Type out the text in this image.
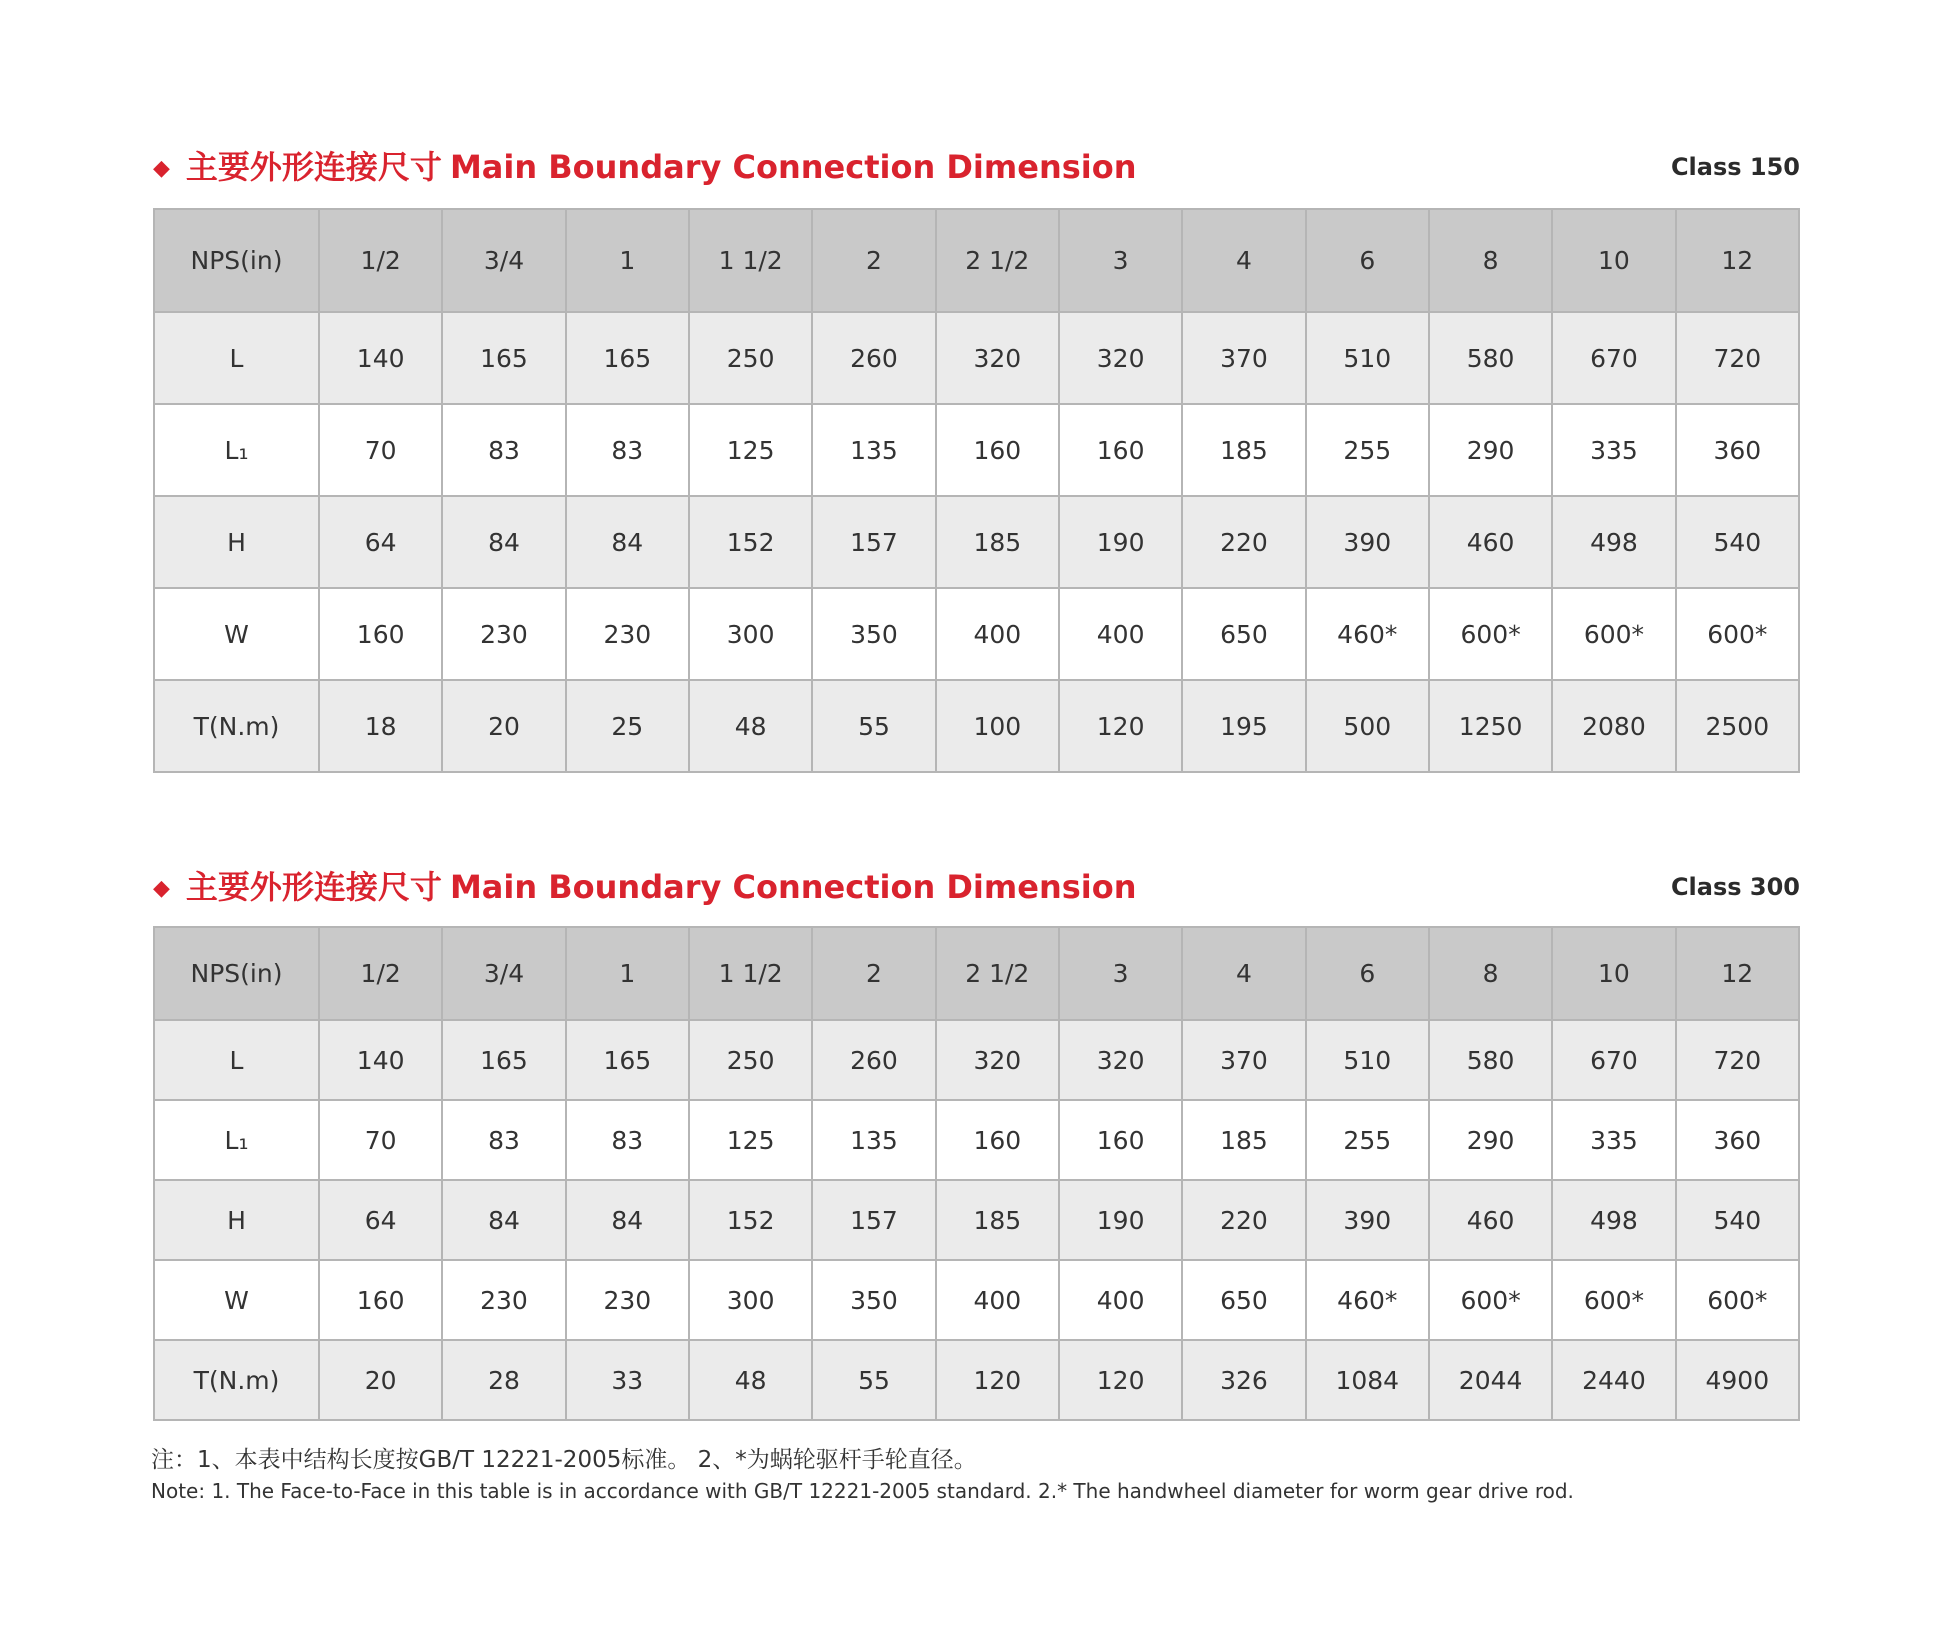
◆ 主要外形连接尺寸 Main Boundary Connection Dimension	Class 150
NPS(in)	1/2	3/4	1	1 1/2	2	2 1/2	3	4	6	8	10	12
L	140	165	165	250	260	320	320	370	510	580	670	720
L₁	70	83	83	125	135	160	160	185	255	290	335	360
H	64	84	84	152	157	185	190	220	390	460	498	540
W	160	230	230	300	350	400	400	650	460*	600*	600*	600*
T(N.m)	18	20	25	48	55	100	120	195	500	1250	2080	2500
◆ 主要外形连接尺寸 Main Boundary Connection Dimension	Class 300
NPS(in)	1/2	3/4	1	1 1/2	2	2 1/2	3	4	6	8	10	12
L	140	165	165	250	260	320	320	370	510	580	670	720
L₁	70	83	83	125	135	160	160	185	255	290	335	360
H	64	84	84	152	157	185	190	220	390	460	498	540
W	160	230	230	300	350	400	400	650	460*	600*	600*	600*
T(N.m)	20	28	33	48	55	120	120	326	1084	2044	2440	4900
注：1、本表中结构长度按GB/T 12221-2005标准。 2、*为蜗轮驱杆手轮直径。
Note: 1. The Face-to-Face in this table is in accordance with GB/T 12221-2005 standard. 2.* The handwheel diameter for worm gear drive rod.
